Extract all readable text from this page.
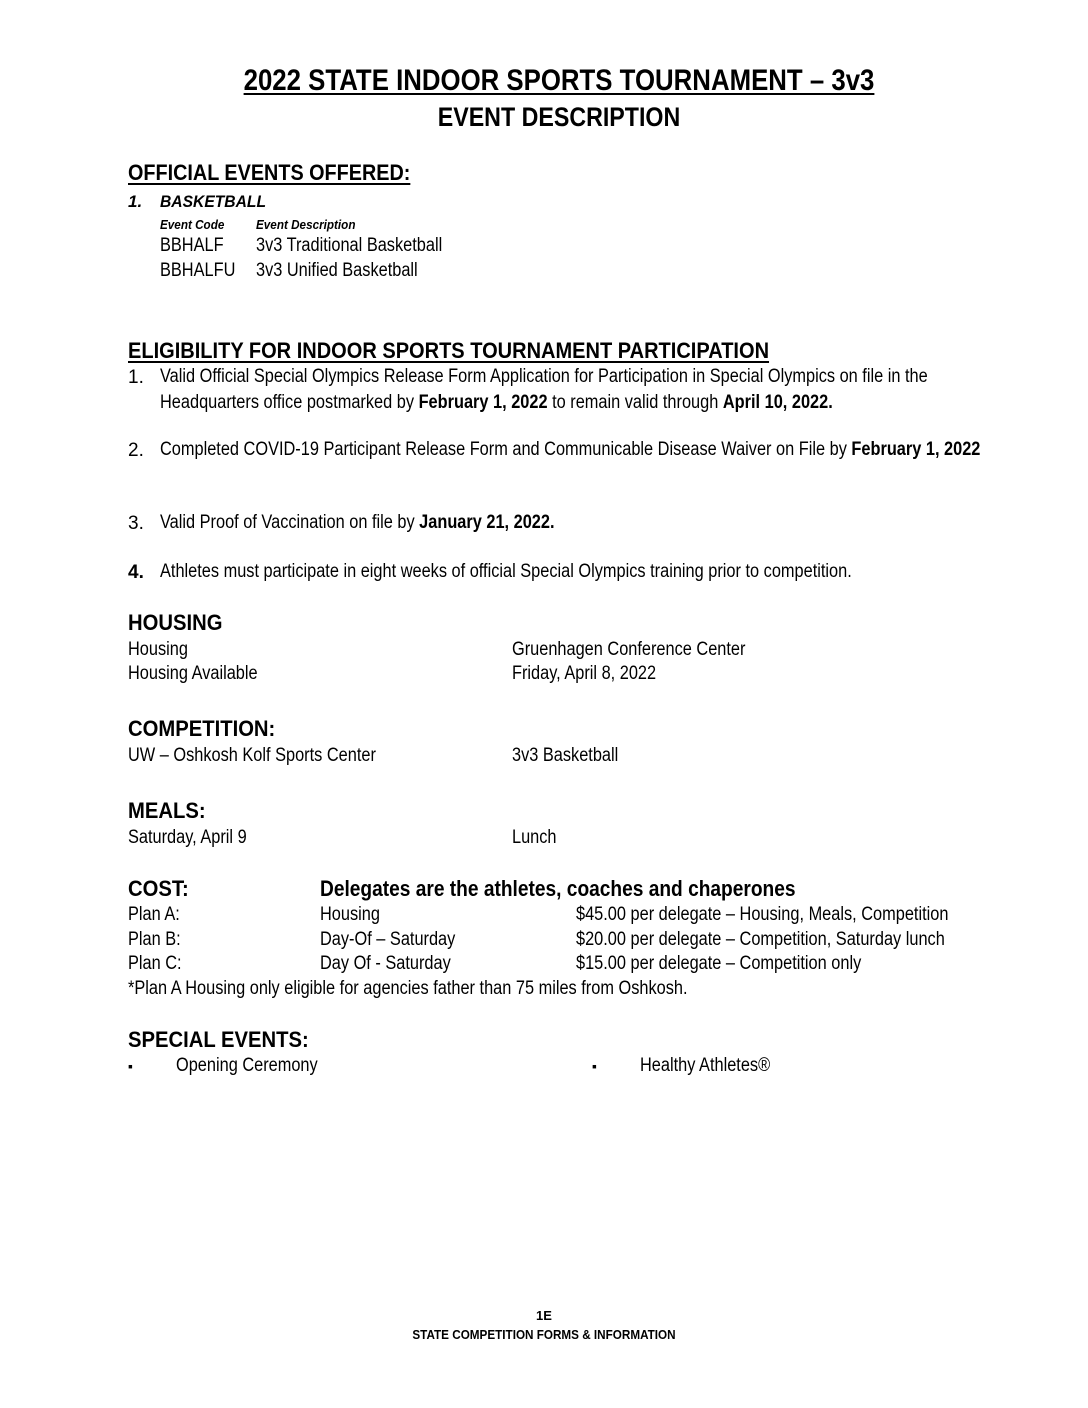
2022 STATE INDOOR SPORTS TOURNAMENT – 3v3
EVENT DESCRIPTION
OFFICIAL EVENTS OFFERED:
1. BASKETBALL
Event Code Event Description
BBHALF 3v3 Traditional Basketball
BBHALFU 3v3 Unified Basketball
ELIGIBILITY FOR INDOOR SPORTS TOURNAMENT PARTICIPATION
1. Valid Official Special Olympics Release Form Application for Participation in Special Olympics on file in the Headquarters office postmarked by February 1, 2022 to remain valid through April 10, 2022.
2. Completed COVID-19 Participant Release Form and Communicable Disease Waiver on File by February 1, 2022
3. Valid Proof of Vaccination on file by January 21, 2022.
4. Athletes must participate in eight weeks of official Special Olympics training prior to competition.
HOUSING
Housing	Gruenhagen Conference Center
Housing Available	Friday, April 8, 2022
COMPETITION:
UW – Oshkosh Kolf Sports Center	3v3 Basketball
MEALS:
Saturday, April 9	Lunch
COST:	Delegates are the athletes, coaches and chaperones
Plan A:	Housing	$45.00 per delegate – Housing, Meals, Competition
Plan B:	Day-Of – Saturday	$20.00 per delegate – Competition, Saturday lunch
Plan C:	Day Of - Saturday	$15.00 per delegate – Competition only
*Plan A Housing only eligible for agencies father than 75 miles from Oshkosh.
SPECIAL EVENTS:
▪ Opening Ceremony	▪ Healthy Athletes®
1E
STATE COMPETITION FORMS & INFORMATION
